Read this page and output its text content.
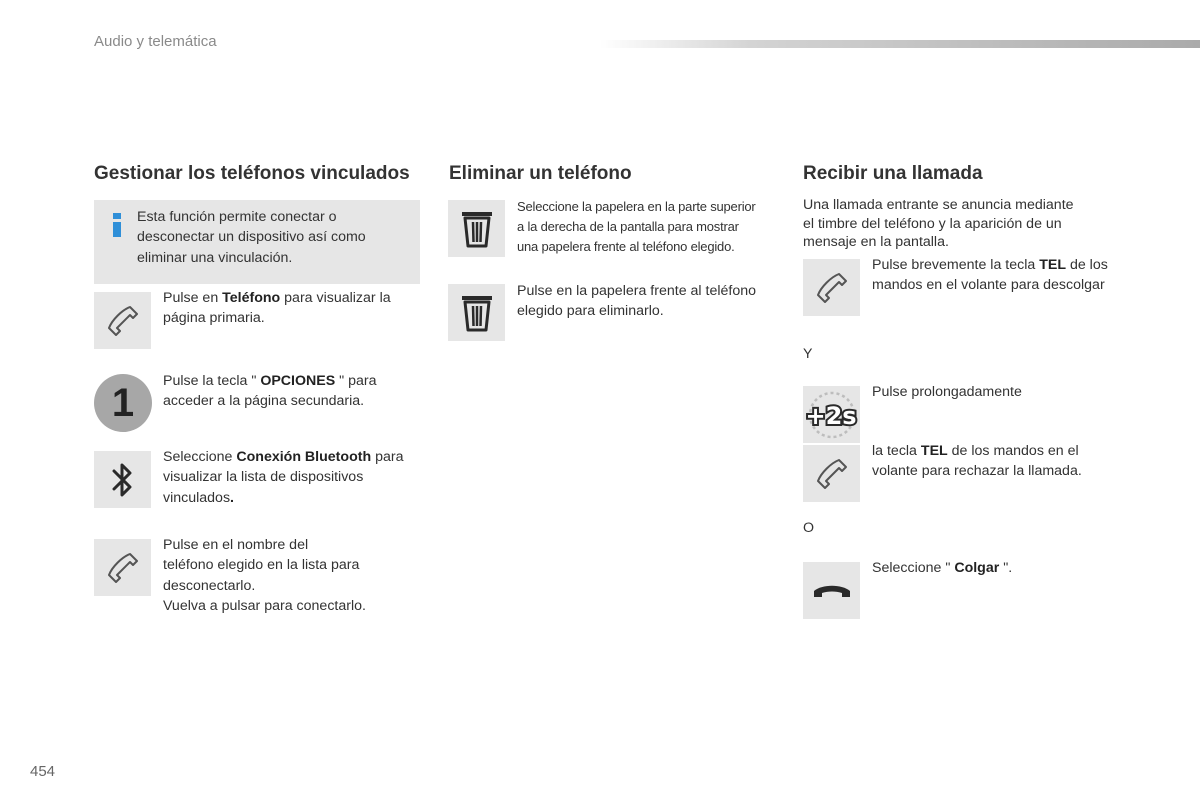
Audio y telemática
Gestionar los teléfonos vinculados
Esta función permite conectar o desconectar un dispositivo así como eliminar una vinculación.
Pulse en Teléfono para visualizar la página primaria.
1	Pulse la tecla " OPCIONES " para acceder a la página secundaria.
Seleccione Conexión Bluetooth para visualizar la lista de dispositivos vinculados.
Pulse en el nombre del
teléfono elegido en la lista para
desconectarlo.
Vuelva a pulsar para conectarlo.
Eliminar un teléfono
Seleccione la papelera en la parte superior
a la derecha de la pantalla para mostrar
una papelera frente al teléfono elegido.
Pulse en la papelera frente al teléfono elegido para eliminarlo.
Recibir una llamada
Una llamada entrante se anuncia mediante
el timbre del teléfono y la aparición de un
mensaje en la pantalla.
Pulse brevemente la tecla TEL de los mandos en el volante para descolgar
Y
+2s
Pulse prolongadamente
la tecla TEL de los mandos en el volante para rechazar la llamada.
O
Seleccione " Colgar ".
454
